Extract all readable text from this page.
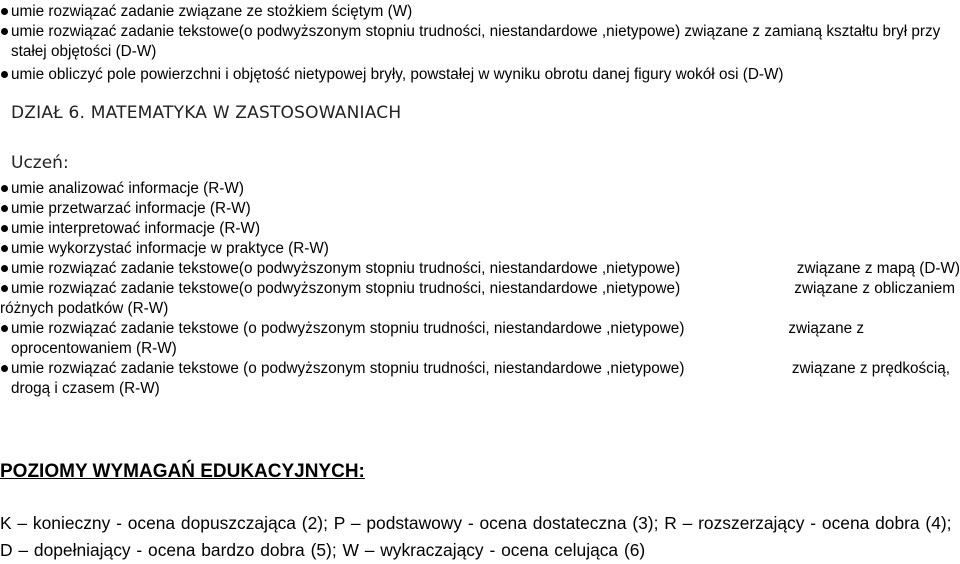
umie rozwiązać zadanie związane ze stożkiem ściętym (W)
umie rozwiązać zadanie tekstowe(o podwyższonym stopniu trudności, niestandardowe ,nietypowe) związane z zamianą kształtu brył przy stałej objętości (D-W)
umie obliczyć pole powierzchni i objętość nietypowej bryły, powstałej w wyniku obrotu danej figury wokół osi (D-W)
DZIAŁ 6. MATEMATYKA W ZASTOSOWANIACH
Uczeń:
umie analizować informacje (R-W)
umie przetwarzać informacje (R-W)
umie interpretować informacje (R-W)
umie wykorzystać informacje w praktyce (R-W)
umie rozwiązać zadanie tekstowe(o podwyższonym stopniu trudności, niestandardowe ,nietypowe)	związane z mapą (D-W)
umie rozwiązać zadanie tekstowe(o podwyższonym stopniu trudności, niestandardowe ,nietypowe)	związane z obliczaniem
różnych podatków (R-W)
umie rozwiązać zadanie tekstowe (o podwyższonym stopniu trudności, niestandardowe ,nietypowe)	związane z
oprocentowaniem (R-W)
umie rozwiązać zadanie tekstowe (o podwyższonym stopniu trudności, niestandardowe ,nietypowe)	związane z prędkością,
drogą i czasem (R-W)
POZIOMY WYMAGAŃ EDUKACYJNYCH:
K – konieczny - ocena dopuszczająca (2); P – podstawowy - ocena dostateczna (3); R – rozszerzający - ocena dobra (4); D – dopełniający - ocena bardzo dobra (5); W – wykraczający - ocena celująca (6)
